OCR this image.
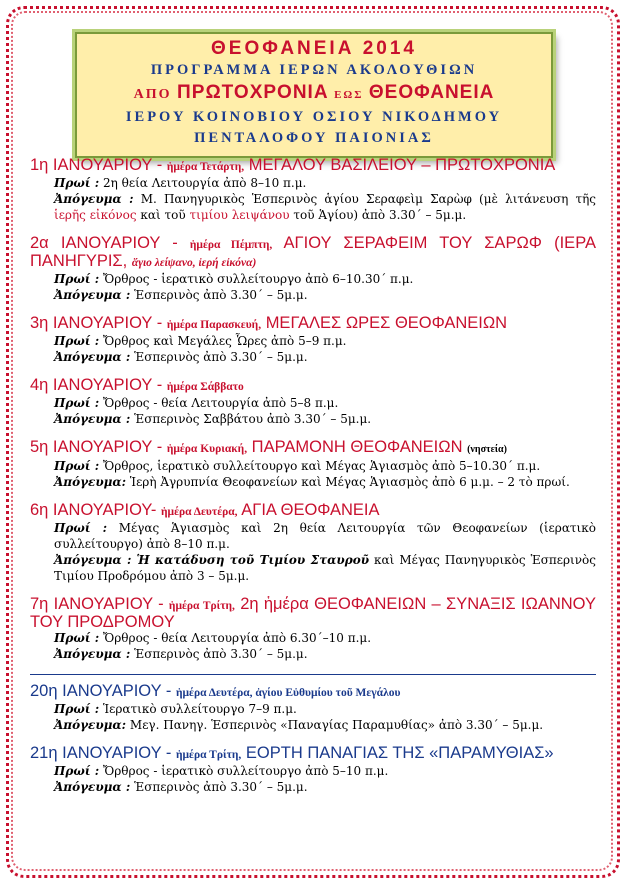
ΘΕΟΦΑΝΕΙΑ 2014
ΠΡΟΓΡΑΜΜΑ ΙΕΡΩΝ ΑΚΟΛΟΥΘΙΩΝ
ΑΠΟ ΠΡΩΤΟΧΡΟΝΙΑ ΕΩΣ ΘΕΟΦΑΝΕΙΑ
ΙΕΡΟΥ ΚΟΙΝΟΒΙΟΥ ΟΣΙΟΥ ΝΙΚΟΔΗΜΟΥ
ΠΕΝΤΑΛΟΦΟΥ ΠΑΙΟΝΙΑΣ
1η ΙΑΝΟΥΑΡΙΟΥ - ἡμέρα Τετάρτη, ΜΕΓΑΛΟΥ ΒΑΣΙΛΕΙΟΥ – ΠΡΩΤΟΧΡΟΝΙΑ
Πρωί : 2η θεία Λειτουργία ἀπὸ 8–10 π.μ.
Ἀπόγευμα : Μ. Πανηγυρικὸς Ἑσπερινὸς ἁγίου Σεραφεὶμ Σαρὼφ (μὲ λιτάνευση τῆς ἱερῆς εἰκόνος καὶ τοῦ τιμίου λειψάνου τοῦ Ἁγίου) ἀπὸ 3.30΄ – 5μ.μ.
2α ΙΑΝΟΥΑΡΙΟΥ - ἡμέρα Πέμπτη, ΑΓΙΟΥ ΣΕΡΑΦΕΙΜ ΤΟΥ ΣΑΡΩΦ (ΙΕΡΑ ΠΑΝΗΓΥΡΙΣ, ἅγιο λείψανο, ἱερή εἰκόνα)
Πρωί : Ὄρθρος - ἱερατικὸ συλλείτουργο ἀπὸ 6–10.30΄ π.μ.
Ἀπόγευμα : Ἑσπερινὸς ἀπὸ 3.30΄ – 5μ.μ.
3η ΙΑΝΟΥΑΡΙΟΥ - ἡμέρα Παρασκευή, ΜΕΓΑΛΕΣ ΩΡΕΣ ΘΕΟΦΑΝΕΙΩΝ
Πρωί : Ὄρθρος καὶ Μεγάλες Ὧρες ἀπὸ 5–9 π.μ.
Ἀπόγευμα : Ἑσπερινὸς ἀπὸ 3.30΄ – 5μ.μ.
4η ΙΑΝΟΥΑΡΙΟΥ - ἡμέρα Σάββατο
Πρωί : Ὄρθρος - θεία Λειτουργία ἀπὸ 5–8 π.μ.
Ἀπόγευμα : Ἑσπερινὸς Σαββάτου ἀπὸ 3.30΄ – 5μ.μ.
5η ΙΑΝΟΥΑΡΙΟΥ - ἡμέρα Κυριακή, ΠΑΡΑΜΟΝΗ ΘΕΟΦΑΝΕΙΩΝ (νηστεία)
Πρωί : Ὄρθρος, ἱερατικὸ συλλείτουργο καὶ Μέγας Ἁγιασμὸς ἀπὸ 5–10.30΄ π.μ.
Ἀπόγευμα: Ἱερὴ Ἀγρυπνία Θεοφανείων καὶ Μέγας Ἁγιασμὸς ἀπὸ 6 μ.μ. – 2 τὸ πρωί.
6η ΙΑΝΟΥΑΡΙΟΥ- ἡμέρα Δευτέρα, ΑΓΙΑ ΘΕΟΦΑΝΕΙΑ
Πρωί : Μέγας Ἁγιασμὸς καὶ 2η θεία Λειτουργία τῶν Θεοφανείων (ἱερατικὸ συλλείτουργο) ἀπὸ 8–10 π.μ.
Ἀπόγευμα : Ἡ κατάδυση τοῦ Τιμίου Σταυροῦ καὶ Μέγας Πανηγυρικὸς Ἑσπερινὸς Τιμίου Προδρόμου ἀπὸ 3 – 5μ.μ.
7η ΙΑΝΟΥΑΡΙΟΥ - ἡμέρα Τρίτη, 2η ἡμέρα ΘΕΟΦΑΝΕΙΩΝ – ΣΥΝΑΞΙΣ ΙΩΑΝΝΟΥ ΤΟΥ ΠΡΟΔΡΟΜΟΥ
Πρωί : Ὄρθρος - θεία Λειτουργία ἀπὸ 6.30΄–10 π.μ.
Ἀπόγευμα : Ἑσπερινὸς ἀπὸ 3.30΄ – 5μ.μ.
20η ΙΑΝΟΥΑΡΙΟΥ - ἡμέρα Δευτέρα, ἁγίου Εὐθυμίου τοῦ Μεγάλου
Πρωί : Ἱερατικὸ συλλείτουργο 7–9 π.μ.
Ἀπόγευμα: Μεγ. Πανηγ. Ἑσπερινὸς «Παναγίας Παραμυθίας» ἀπὸ 3.30΄ – 5μ.μ.
21η ΙΑΝΟΥΑΡΙΟΥ - ἡμέρα Τρίτη, ΕΟΡΤΗ ΠΑΝΑΓΙΑΣ ΤΗΣ «ΠΑΡΑΜΥΘΙΑΣ»
Πρωί : Ὄρθρος - ἱερατικὸ συλλείτουργο ἀπὸ 5–10 π.μ.
Ἀπόγευμα : Ἑσπερινὸς ἀπὸ 3.30΄ – 5μ.μ.
